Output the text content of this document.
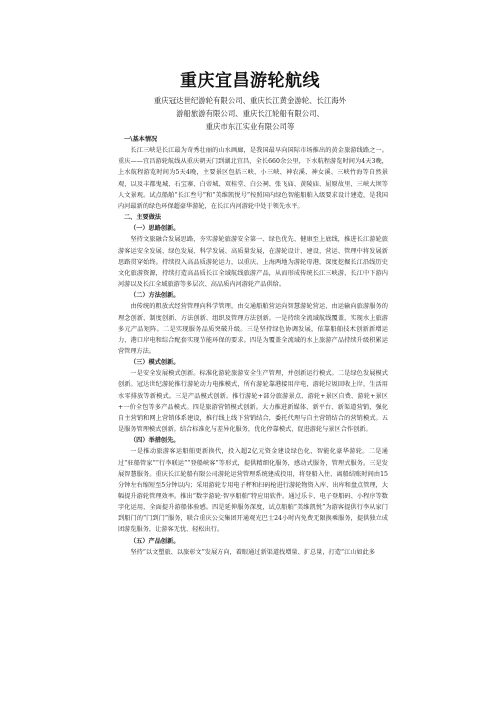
重庆宜昌游轮航线
重庆冠达世纪游轮有限公司、重庆长江黄金游轮、长江海外
游船旅游有限公司、重庆长江轮船有限公司、
重庆市东江实业有限公司等

一\基本情况

长江三峡是长江最为奇秀壮丽的山水画廊，是我国最早向国际市场推出的黄金旅游线路之一。重庆——宜昌游轮航线从重庆朝天门到湖北宜昌，全长660余公里，下水航程游览时间为4天3晚，上水航程游览时间为5天4晚，主要景区包括三峡、小三峡、神农溪、神女溪、三峡竹海等自然景观，以及丰都鬼城、石宝寨、白帝城、双桂堂、白公祠、张飞庙、黄陵庙、屈原故里、三峡大坝等人文景观。试点船舶“长江叁号”和“美维凯悦号”按照国内绿色智能船舶入级要求设计建造，是我国内河最新的绿色环保超豪华游轮，在长江内河游轮中处于领先水平。

二、主要做法

（一）思路创新。

坚持文旅融合发展思路，夯实游轮旅游安全第一、绿色优先、健康至上底线，推进长江游轮旅游客运安全发展、绿色发展、科学发展、高质量发展，在游轮设计、建设、营运、管理中将发展新思路贯穿始终。持续投入高品质游轮运力，以重庆、上海两地为游轮母港，深度挖掘长江沿线历史文化旅游资源，持续打造高品质长江全域航线旅游产品，从而形成传统长江三峡游、长江中下游内河游以及长江全域旅游等多层次、高品质内河游轮产品供给。

（二）方法创新。

由传统的粗放式经营管理向科学管理，由交通船舶营运向智慧游轮营运，由运输向旅游服务的理念创新、制度创新、方法创新、组织及管理方法创新。一是持续全流域航线覆盖，实现水上旅游多元产品矩阵。二是实现服务品质突破升级。三是坚持绿色协调发展，依靠船舶技术创新新增运力，港口岸电和综合配套实现节能环保的要求。四是为覆盖全流域的水上旅游产品持续升级积累运营管理方法。

（三）模式创新。

一是安全发展模式创新。标准化游轮旅游安全生产管理，并创新运行模式。二是绿色发展模式创新。冠达世纪游轮推行游轮动力电推模式，所有游轮靠港接用岸电，游轮垃圾回收上岸，生活用水零排放等新模式。三是产品模式创新。推行游轮+部分旅游景点、游轮+景区自费、游轮+景区+一价全包等多产品模式。四是旅游营销模式创新。大力推进新媒体、新平台、新渠道营销，强化自主营销和网上营销体系建设，推行线上线下营销结合，委托代理与自主营销结合的营销模式。五是服务管理模式创新。结合标准化与差异化服务，优化停靠模式，促进游轮与景区合作创新。

（四）举措创先。

一是推动旅游客运船舶更新换代，投入超2亿元资金建设绿色化、智能化豪华游轮。二是通过“驻船管家”“行李联运”“登船峡客”等形式，提供精细化服务，感动式服务，管理式服务。三是发展智慧服务。重庆长江轮船有限公司游轮运营管理系统建成投用，将登船入住、离船结账时间由15分钟左右缩短至5分钟以内；采用游轮专用电子秤和扫码枪进行游轮物资入库、出库和盘点管理，大幅提升游轮管理效率。推出“数字游轮·智享船舶”特应用软件。通过乐卡、电子登船码、小程序等数字化运用，全面提升游船体验感。四是延伸服务深度，试点船舶“美维凯悦”为游客提供行李从家门到船门的“门到门”服务，联合重庆公交集团开通观光巴士24小时内免费无限换乘服务，提供独立成团游览服务，让游客无忧、轻松出行。

（五）产品创新。

坚持“以文塑旅、以旅彰文”发展方向，着眼通过新渠道找增量、扩总量，打造“江山如此多
